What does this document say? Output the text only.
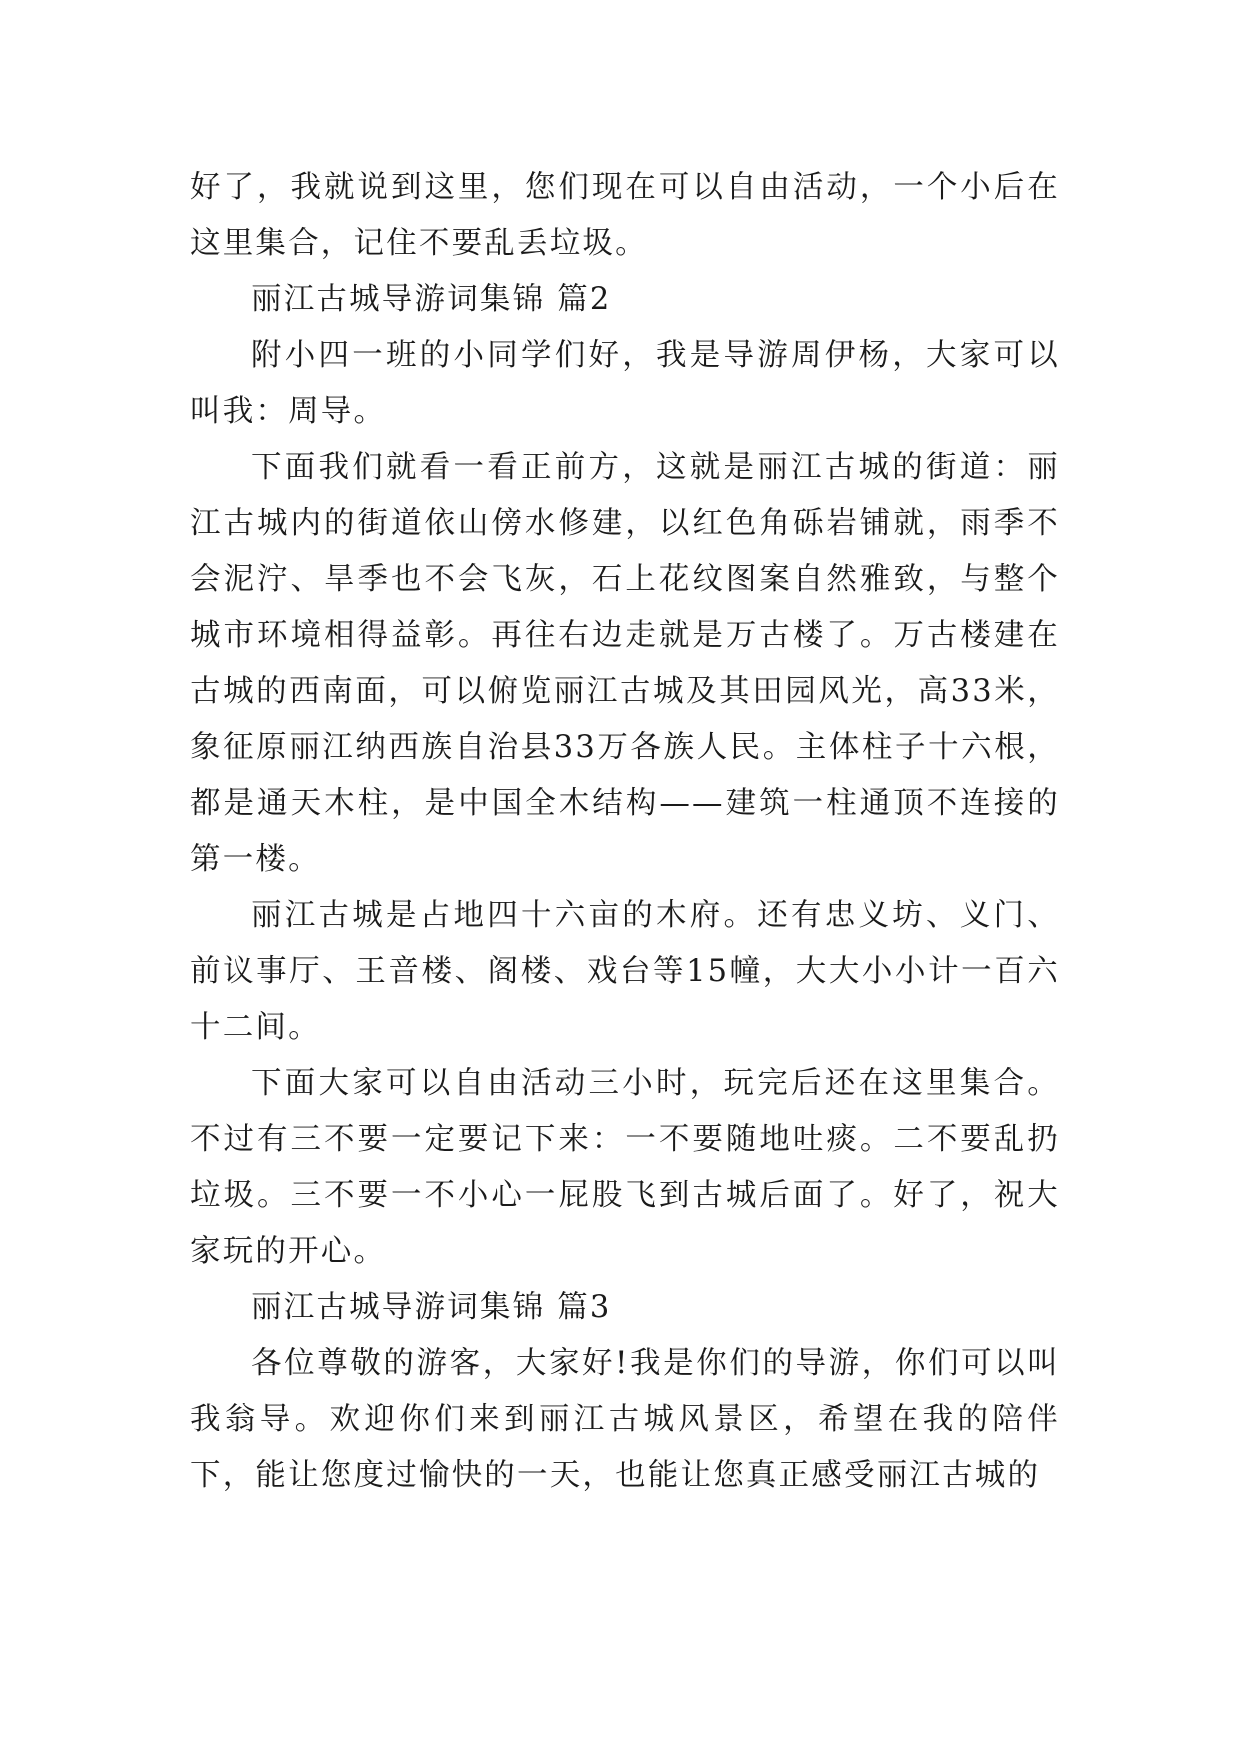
好了，我就说到这里，您们现在可以自由活动，一个小后在这里集合，记住不要乱丢垃圾。

丽江古城导游词集锦 篇2

附小四一班的小同学们好，我是导游周伊杨，大家可以叫我：周导。

下面我们就看一看正前方，这就是丽江古城的街道：丽江古城内的街道依山傍水修建，以红色角砾岩铺就，雨季不会泥泞、旱季也不会飞灰，石上花纹图案自然雅致，与整个城市环境相得益彰。再往右边走就是万古楼了。万古楼建在古城的西南面，可以俯览丽江古城及其田园风光，高33米，象征原丽江纳西族自治县33万各族人民。主体柱子十六根，都是通天木柱，是中国全木结构——建筑一柱通顶不连接的第一楼。

丽江古城是占地四十六亩的木府。还有忠义坊、义门、前议事厅、王音楼、阁楼、戏台等15幢，大大小小计一百六十二间。

下面大家可以自由活动三小时，玩完后还在这里集合。不过有三不要一定要记下来：一不要随地吐痰。二不要乱扔垃圾。三不要一不小心一屁股飞到古城后面了。好了，祝大家玩的开心。

丽江古城导游词集锦 篇3

各位尊敬的游客，大家好!我是你们的导游，你们可以叫我翁导。欢迎你们来到丽江古城风景区，希望在我的陪伴下，能让您度过愉快的一天，也能让您真正感受丽江古城的
